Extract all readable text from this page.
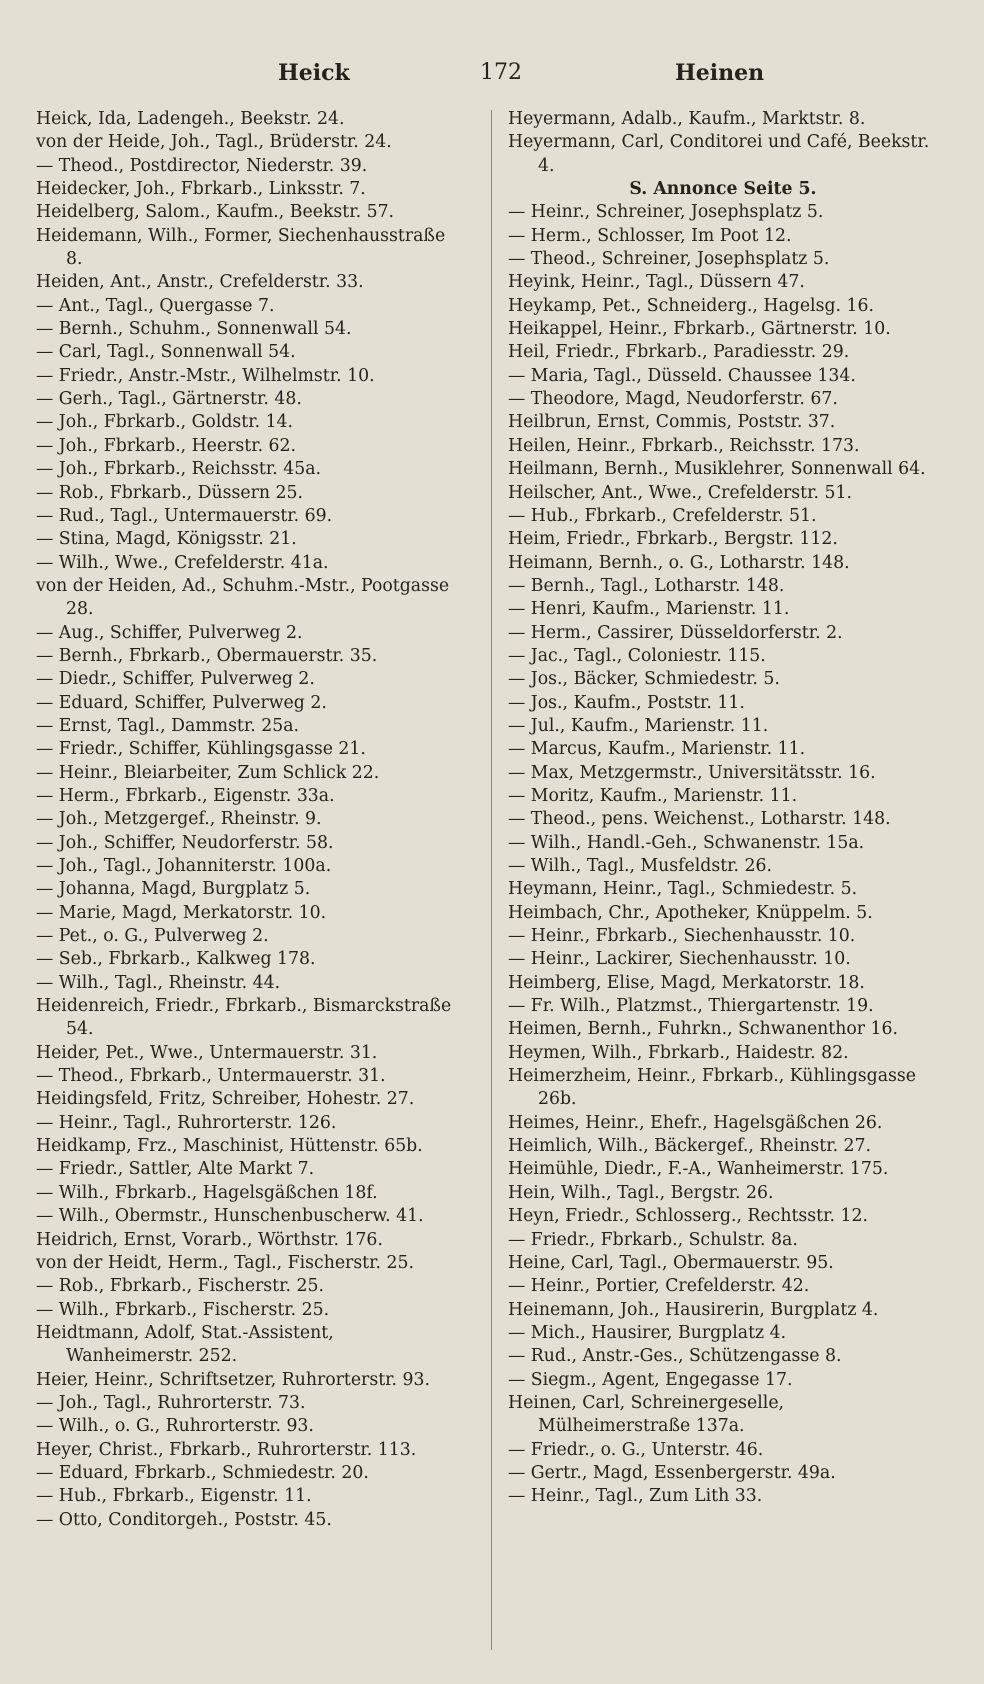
Heick	172	Heinen
Heick, Ida, Ladengeh., Beekstr. 24.
von der Heide, Joh., Tagl., Brüderstr. 24.
— Theod., Postdirector, Niederstr. 39.
Heidecker, Joh., Fbrkarb., Linksstr. 7.
Heidelberg, Salom., Kaufm., Beekstr. 57.
Heidemann, Wilh., Former, Siechenhausstraße 8.
Heiden, Ant., Anstr., Crefelderstr. 33.
— Ant., Tagl., Quergasse 7.
— Bernh., Schuhm., Sonnenwall 54.
— Carl, Tagl., Sonnenwall 54.
— Friedr., Anstr.-Mstr., Wilhelmstr. 10.
— Gerh., Tagl., Gärtnerstr. 48.
— Joh., Fbrkarb., Goldstr. 14.
— Joh., Fbrkarb., Heerstr. 62.
— Joh., Fbrkarb., Reichsstr. 45a.
— Rob., Fbrkarb., Düssern 25.
— Rud., Tagl., Untermauerstr. 69.
— Stina, Magd, Königsstr. 21.
— Wilh., Wwe., Crefelderstr. 41a.
von der Heiden, Ad., Schuhm.-Mstr., Pootgasse 28.
— Aug., Schiffer, Pulverweg 2.
— Bernh., Fbrkarb., Obermauerstr. 35.
— Diedr., Schiffer, Pulverweg 2.
— Eduard, Schiffer, Pulverweg 2.
— Ernst, Tagl., Dammstr. 25a.
— Friedr., Schiffer, Kühlingsgasse 21.
— Heinr., Bleiarbeiter, Zum Schlick 22.
— Herm., Fbrkarb., Eigenstr. 33a.
— Joh., Metzgergef., Rheinstr. 9.
— Joh., Schiffer, Neudorferstr. 58.
— Joh., Tagl., Johanniterstr. 100a.
— Johanna, Magd, Burgplatz 5.
— Marie, Magd, Merkatorstr. 10.
— Pet., o. G., Pulverweg 2.
— Seb., Fbrkarb., Kalkweg 178.
— Wilh., Tagl., Rheinstr. 44.
Heidenreich, Friedr., Fbrkarb., Bismarckstraße 54.
Heider, Pet., Wwe., Untermauerstr. 31.
— Theod., Fbrkarb., Untermauerstr. 31.
Heidingsfeld, Fritz, Schreiber, Hohestr. 27.
— Heinr., Tagl., Ruhrorterstr. 126.
Heidkamp, Frz., Maschinist, Hüttenstr. 65b.
— Friedr., Sattler, Alte Markt 7.
— Wilh., Fbrkarb., Hagelsgäßchen 18f.
— Wilh., Obermstr., Hunschenbuscherw. 41.
Heidrich, Ernst, Vorarb., Wörthstr. 176.
von der Heidt, Herm., Tagl., Fischerstr. 25.
— Rob., Fbrkarb., Fischerstr. 25.
— Wilh., Fbrkarb., Fischerstr. 25.
Heidtmann, Adolf, Stat.-Assistent, Wanheimerstr. 252.
Heier, Heinr., Schriftsetzer, Ruhrorterstr. 93.
— Joh., Tagl., Ruhrorterstr. 73.
— Wilh., o. G., Ruhrorterstr. 93.
Heyer, Christ., Fbrkarb., Ruhrorterstr. 113.
— Eduard, Fbrkarb., Schmiedestr. 20.
— Hub., Fbrkarb., Eigenstr. 11.
— Otto, Conditorgeh., Poststr. 45.
Heyermann, Adalb., Kaufm., Marktstr. 8.
Heyermann, Carl, Conditorei und Café, Beekstr. 4.
S. Annonce Seite 5.
— Heinr., Schreiner, Josephsplatz 5.
— Herm., Schlosser, Im Poot 12.
— Theod., Schreiner, Josephsplatz 5.
Heyink, Heinr., Tagl., Düssern 47.
Heykamp, Pet., Schneiderg., Hagelsg. 16.
Heikappel, Heinr., Fbrkarb., Gärtnerstr. 10.
Heil, Friedr., Fbrkarb., Paradiesstr. 29.
— Maria, Tagl., Düsseld. Chaussee 134.
— Theodore, Magd, Neudorferstr. 67.
Heilbrun, Ernst, Commis, Poststr. 37.
Heilen, Heinr., Fbrkarb., Reichsstr. 173.
Heilmann, Bernh., Musiklehrer, Sonnenwall 64.
Heilscher, Ant., Wwe., Crefelderstr. 51.
— Hub., Fbrkarb., Crefelderstr. 51.
Heim, Friedr., Fbrkarb., Bergstr. 112.
Heimann, Bernh., o. G., Lotharstr. 148.
— Bernh., Tagl., Lotharstr. 148.
— Henri, Kaufm., Marienstr. 11.
— Herm., Cassirer, Düsseldorferstr. 2.
— Jac., Tagl., Coloniestr. 115.
— Jos., Bäcker, Schmiedestr. 5.
— Jos., Kaufm., Poststr. 11.
— Jul., Kaufm., Marienstr. 11.
— Marcus, Kaufm., Marienstr. 11.
— Max, Metzgermstr., Universitätsstr. 16.
— Moritz, Kaufm., Marienstr. 11.
— Theod., pens. Weichenst., Lotharstr. 148.
— Wilh., Handl.-Geh., Schwanenstr. 15a.
— Wilh., Tagl., Musfeldstr. 26.
Heymann, Heinr., Tagl., Schmiedestr. 5.
Heimbach, Chr., Apotheker, Knüppelm. 5.
— Heinr., Fbrkarb., Siechenhausstr. 10.
— Heinr., Lackirer, Siechenhausstr. 10.
Heimberg, Elise, Magd, Merkatorstr. 18.
— Fr. Wilh., Platzmst., Thiergartenstr. 19.
Heimen, Bernh., Fuhrkn., Schwanenthor 16.
Heymen, Wilh., Fbrkarb., Haidestr. 82.
Heimerzheim, Heinr., Fbrkarb., Kühlingsgasse 26b.
Heimes, Heinr., Ehefr., Hagelsgäßchen 26.
Heimlich, Wilh., Bäckergef., Rheinstr. 27.
Heimühle, Diedr., F.-A., Wanheimerstr. 175.
Hein, Wilh., Tagl., Bergstr. 26.
Heyn, Friedr., Schlosserg., Rechtsstr. 12.
— Friedr., Fbrkarb., Schulstr. 8a.
Heine, Carl, Tagl., Obermauerstr. 95.
— Heinr., Portier, Crefelderstr. 42.
Heinemann, Joh., Hausirerin, Burgplatz 4.
— Mich., Hausirer, Burgplatz 4.
— Rud., Anstr.-Ges., Schützengasse 8.
— Siegm., Agent, Engegasse 17.
Heinen, Carl, Schreinergeselle, Mülheimerstraße 137a.
— Friedr., o. G., Unterstr. 46.
— Gertr., Magd, Essenbergerstr. 49a.
— Heinr., Tagl., Zum Lith 33.
